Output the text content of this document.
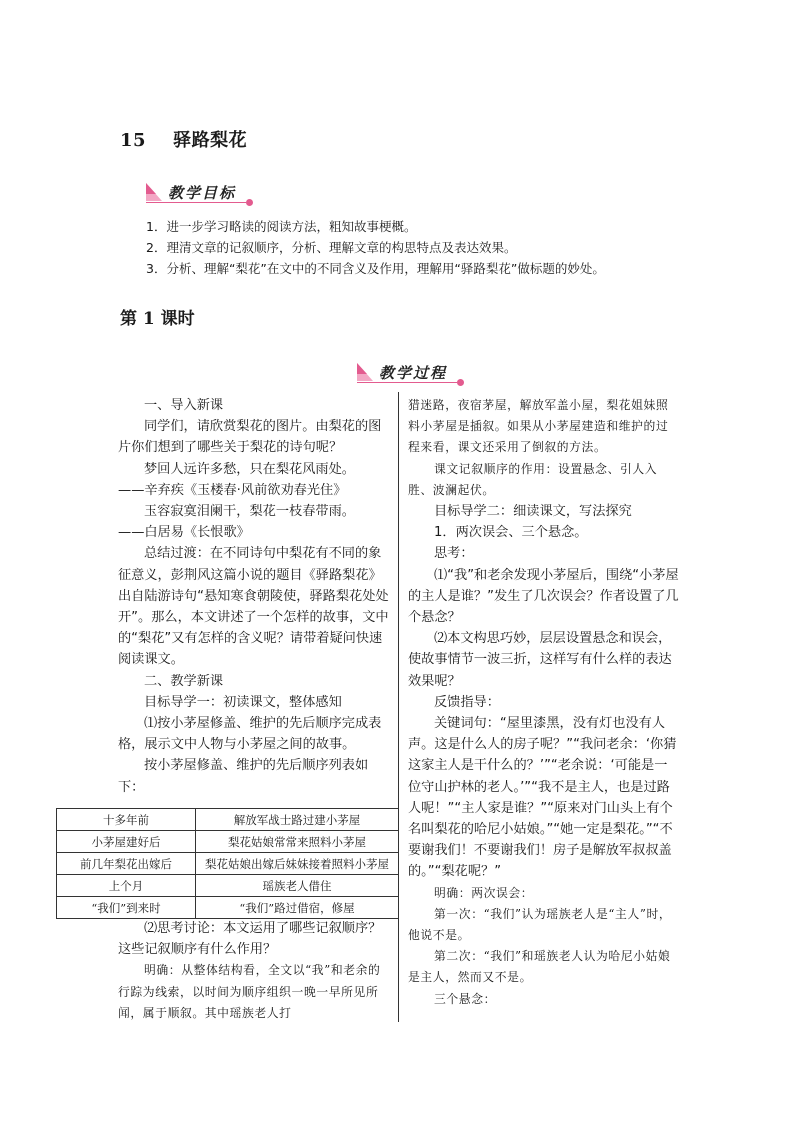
15 驿路梨花
教学目标
1．进一步学习略读的阅读方法，粗知故事梗概。
2．理清文章的记叙顺序，分析、理解文章的构思特点及表达效果。
3．分析、理解“梨花”在文中的不同含义及作用，理解用“驿路梨花”做标题的妙处。
第 1 课时
教学过程

一、导入新课

同学们，请欣赏梨花的图片。由梨花的图片你们想到了哪些关于梨花的诗句呢？

梦回人远许多愁，只在梨花风雨处。

——辛弃疾《玉楼春·风前欲劝春光住》

玉容寂寞泪阑干，梨花一枝春带雨。

——白居易《长恨歌》

总结过渡：在不同诗句中梨花有不同的象征意义，彭荆风这篇小说的题目《驿路梨花》出自陆游诗句“悬知寒食朝陵使，驿路梨花处处开”。那么，本文讲述了一个怎样的故事，文中的“梨花”又有怎样的含义呢？请带着疑问快速阅读课文。

二、教学新课

目标导学一：初读课文，整体感知

⑴按小茅屋修盖、维护的先后顺序完成表格，展示文中人物与小茅屋之间的故事。

按小茅屋修盖、维护的先后顺序列表如下：

十多年前	解放军战士路过建小茅屋
小茅屋建好后	梨花姑娘常常来照料小茅屋
前几年梨花出嫁后	梨花姑娘出嫁后妹妹接着照料小茅屋
上个月	瑶族老人借住
“我们”到来时	“我们”路过借宿，修屋

⑵思考讨论：本文运用了哪些记叙顺序？这些记叙顺序有什么作用？

明确：从整体结构看，全文以“我”和老余的行踪为线索，以时间为顺序组织一晚一早所见所闻，属于顺叙。其中瑶族老人打

猎迷路，夜宿茅屋，解放军盖小屋，梨花姐妹照料小茅屋是插叙。如果从小茅屋建造和维护的过程来看，课文还采用了倒叙的方法。

课文记叙顺序的作用：设置悬念、引人入胜、波澜起伏。

目标导学二：细读课文，写法探究

1．两次误会、三个悬念。

思考：

⑴“我”和老余发现小茅屋后，围绕“小茅屋的主人是谁？”发生了几次误会？作者设置了几个悬念？

⑵本文构思巧妙，层层设置悬念和误会，使故事情节一波三折，这样写有什么样的表达效果呢？

反馈指导：

关键词句：“屋里漆黑，没有灯也没有人声。这是什么人的房子呢？”“我问老余：‘你猜这家主人是干什么的？’”“老余说：‘可能是一位守山护林的老人。’”“我不是主人，也是过路人呢！”“主人家是谁？”“原来对门山头上有个名叫梨花的哈尼小姑娘。”“她一定是梨花。”“不要谢我们！不要谢我们！房子是解放军叔叔盖的。”“梨花呢？”

明确：两次误会：

第一次：“我们”认为瑶族老人是“主人”时，他说不是。

第二次：“我们”和瑶族老人认为哈尼小姑娘是主人，然而又不是。

三个悬念：
